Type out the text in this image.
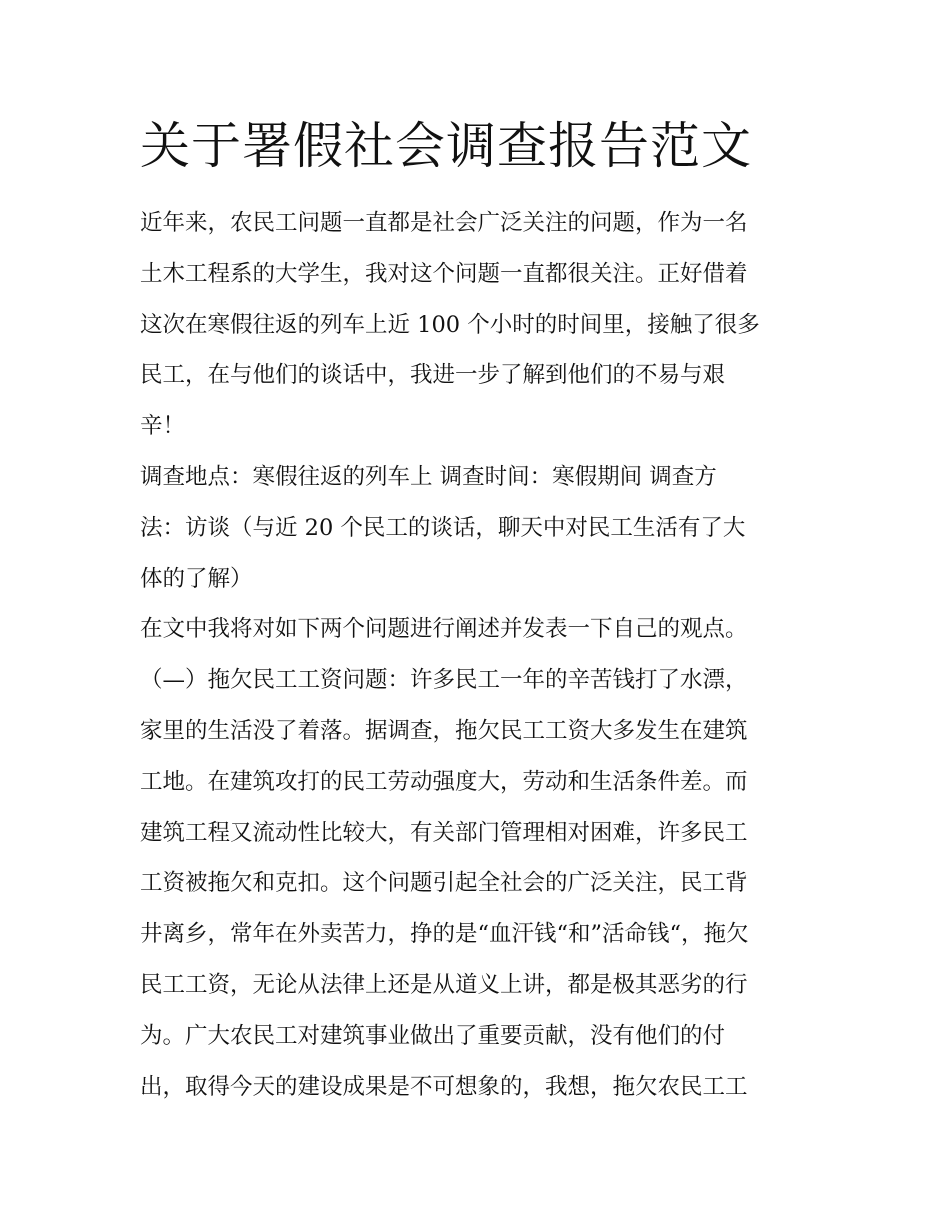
关于署假社会调查报告范文
近年来，农民工问题一直都是社会广泛关注的问题，作为一名
土木工程系的大学生，我对这个问题一直都很关注。正好借着
这次在寒假往返的列车上近 100 个小时的时间里，接触了很多
民工，在与他们的谈话中，我进一步了解到他们的不易与艰
辛！
调查地点：寒假往返的列车上 调查时间：寒假期间 调查方
法：访谈（与近 20 个民工的谈话，聊天中对民工生活有了大
体的了解）
在文中我将对如下两个问题进行阐述并发表一下自己的观点。
（—）拖欠民工工资问题：许多民工一年的辛苦钱打了水漂，
家里的生活没了着落。据调查，拖欠民工工资大多发生在建筑
工地。在建筑攻打的民工劳动强度大，劳动和生活条件差。而
建筑工程又流动性比较大，有关部门管理相对困难，许多民工
工资被拖欠和克扣。这个问题引起全社会的广泛关注，民工背
井离乡，常年在外卖苦力，挣的是“血汗钱“和”活命钱“，拖欠
民工工资，无论从法律上还是从道义上讲，都是极其恶劣的行
为。广大农民工对建筑事业做出了重要贡献，没有他们的付
出，取得今天的建设成果是不可想象的，我想，拖欠农民工工
